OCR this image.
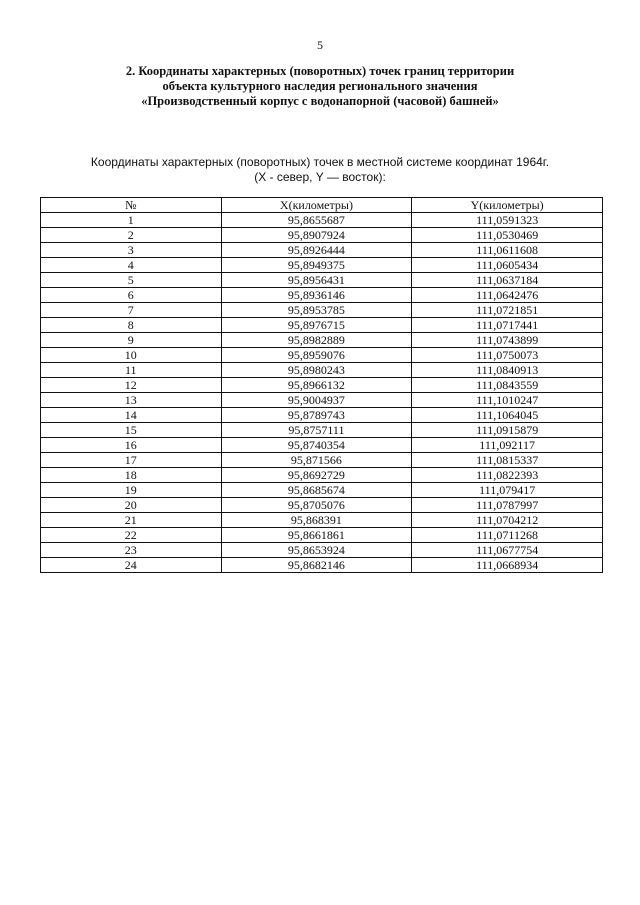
5
2. Координаты характерных (поворотных) точек границ территории
объекта культурного наследия регионального значения
«Производственный корпус с водонапорной (часовой) башней»
Координаты характерных (поворотных) точек в местной системе координат 1964г.
(X - север, Y — восток):
№	X(километры)	Y(километры)
1	95,8655687	111,0591323
2	95,8907924	111,0530469
3	95,8926444	111,0611608
4	95,8949375	111,0605434
5	95,8956431	111,0637184
6	95,8936146	111,0642476
7	95,8953785	111,0721851
8	95,8976715	111,0717441
9	95,8982889	111,0743899
10	95,8959076	111,0750073
11	95,8980243	111,0840913
12	95,8966132	111,0843559
13	95,9004937	111,1010247
14	95,8789743	111,1064045
15	95,8757111	111,0915879
16	95,8740354	111,092117
17	95,871566	111,0815337
18	95,8692729	111,0822393
19	95,8685674	111,079417
20	95,8705076	111,0787997
21	95,868391	111,0704212
22	95,8661861	111,0711268
23	95,8653924	111,0677754
24	95,8682146	111,0668934
